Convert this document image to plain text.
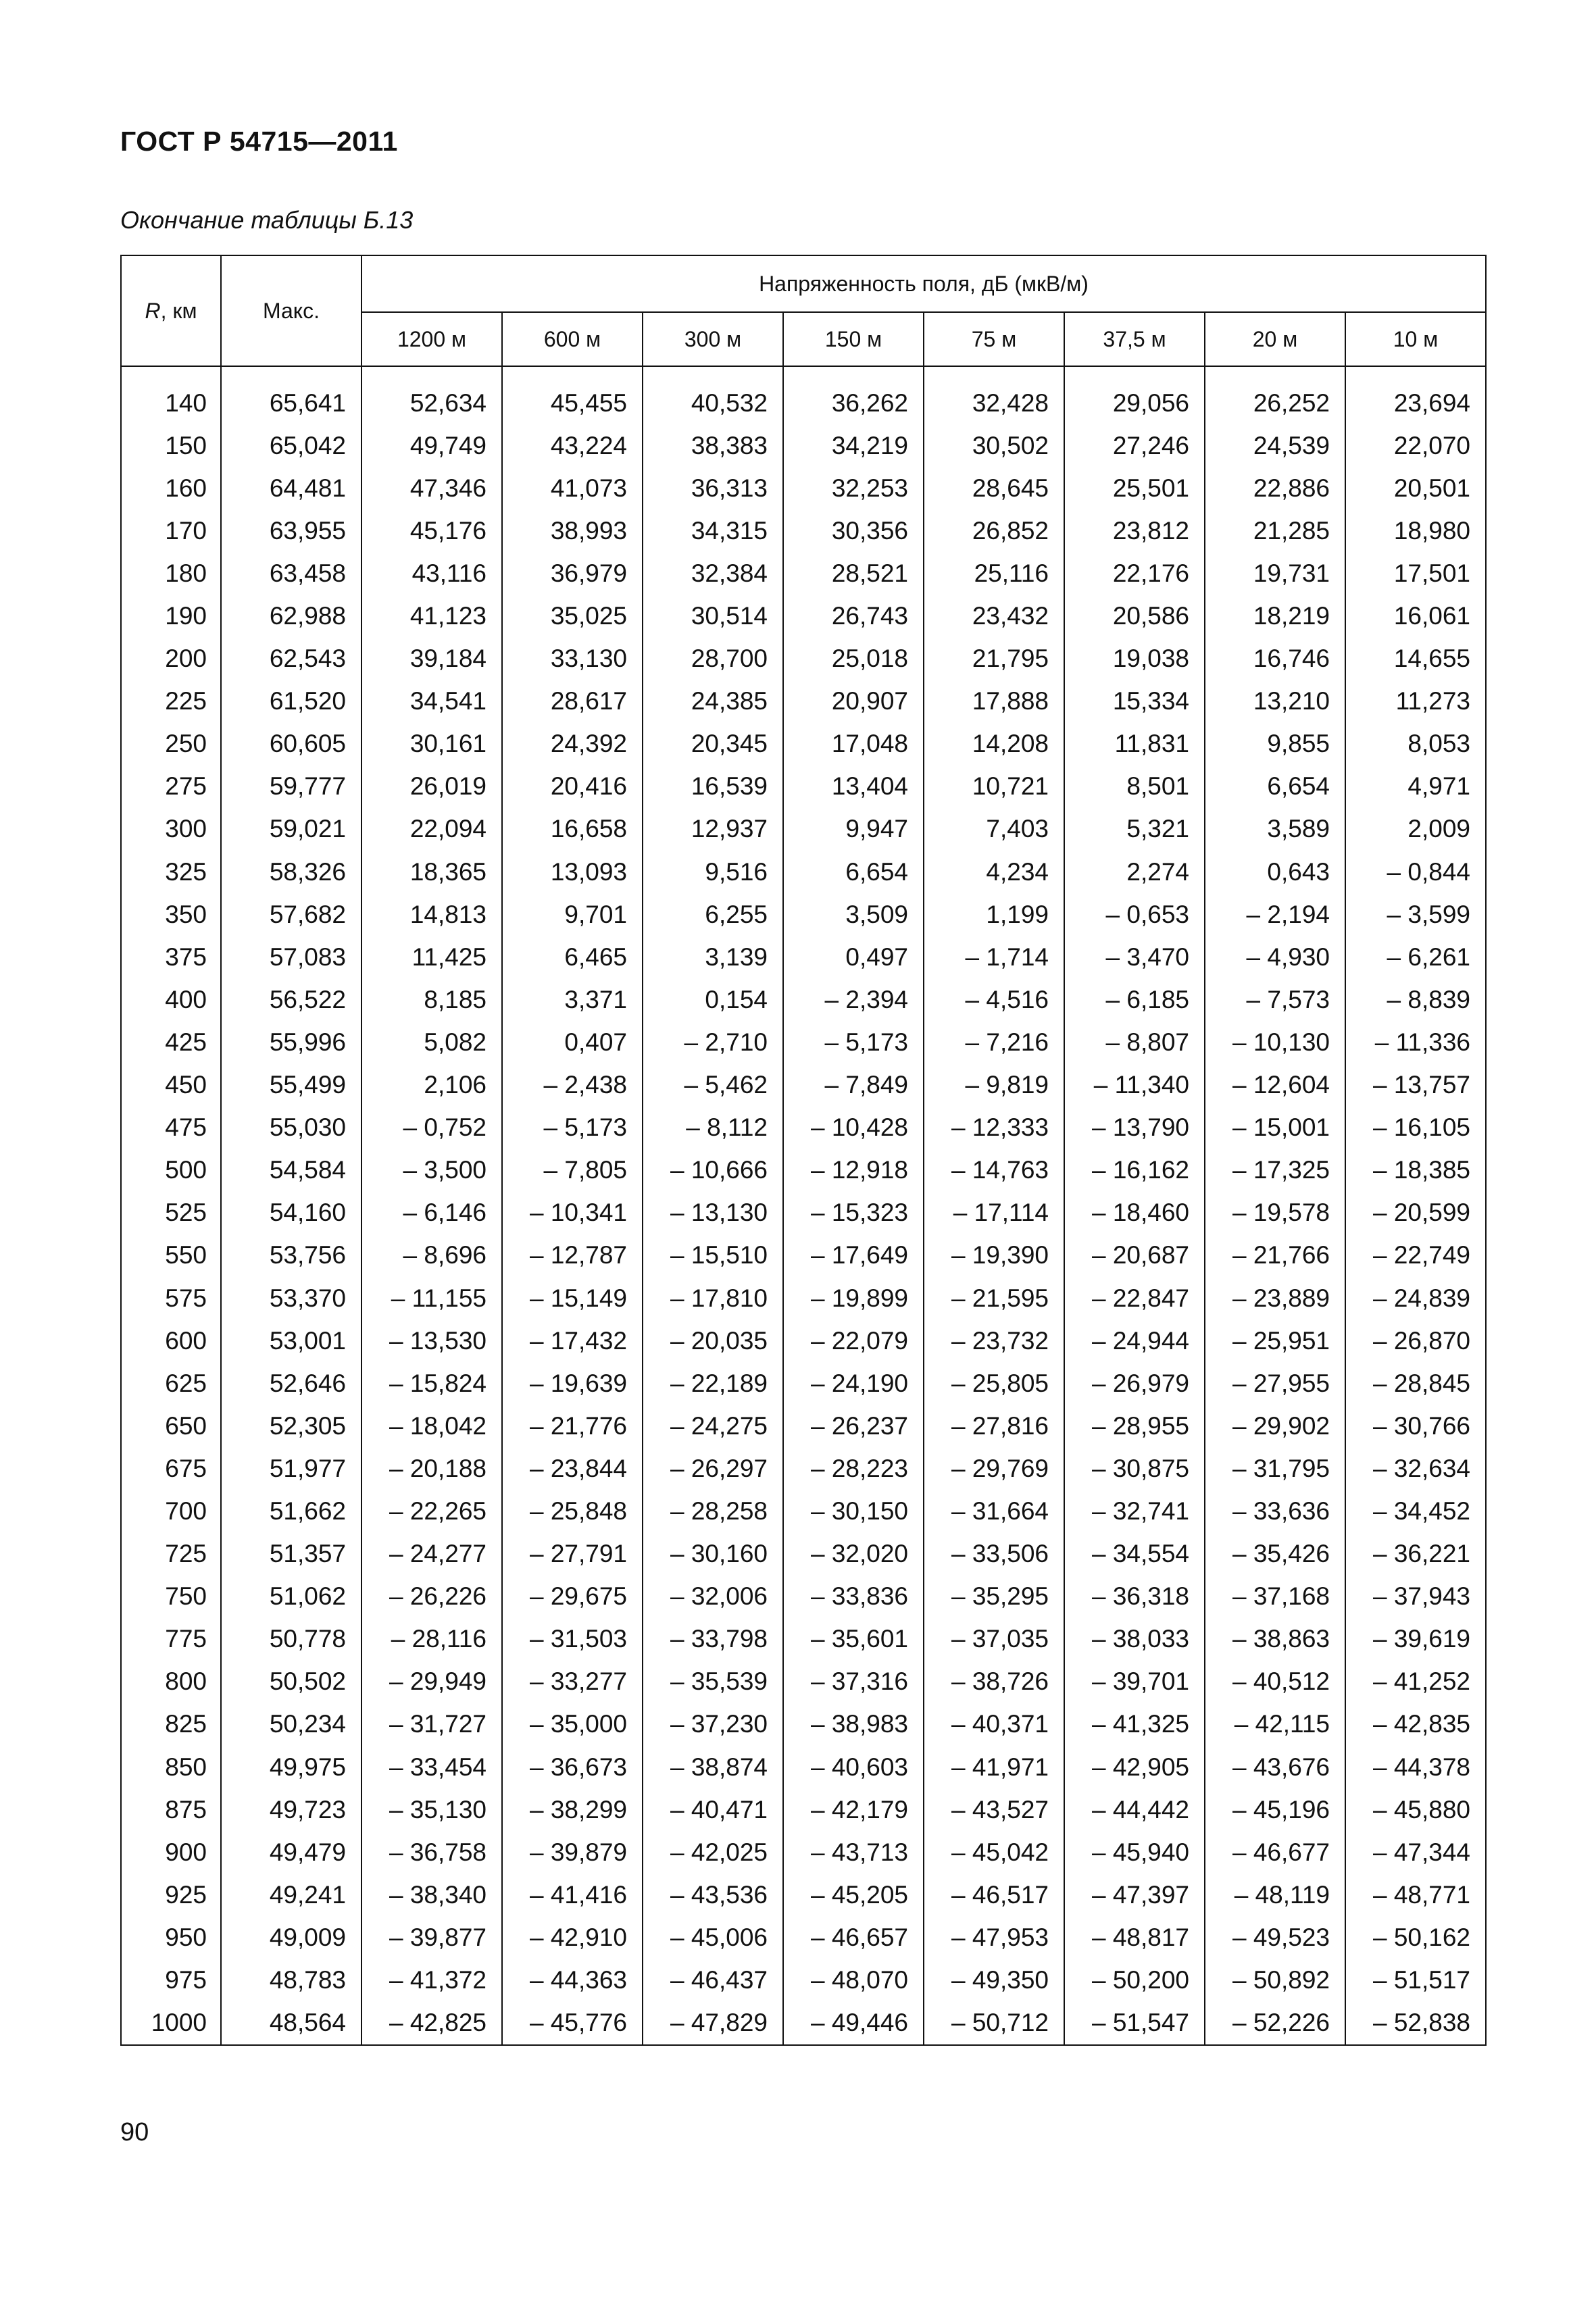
ГОСТ Р 54715—2011
Окончание таблицы Б.13
R, км	Макс.	Напряженность поля, дБ (мкВ/м)							
		1200 м	600 м	300 м	150 м	75 м	37,5 м	20 м	10 м

140	65,641	52,634	45,455	40,532	36,262	32,428	29,056	26,252	23,694
150	65,042	49,749	43,224	38,383	34,219	30,502	27,246	24,539	22,070
160	64,481	47,346	41,073	36,313	32,253	28,645	25,501	22,886	20,501
170	63,955	45,176	38,993	34,315	30,356	26,852	23,812	21,285	18,980
180	63,458	43,116	36,979	32,384	28,521	25,116	22,176	19,731	17,501
190	62,988	41,123	35,025	30,514	26,743	23,432	20,586	18,219	16,061
200	62,543	39,184	33,130	28,700	25,018	21,795	19,038	16,746	14,655
225	61,520	34,541	28,617	24,385	20,907	17,888	15,334	13,210	11,273
250	60,605	30,161	24,392	20,345	17,048	14,208	11,831	9,855	8,053
275	59,777	26,019	20,416	16,539	13,404	10,721	8,501	6,654	4,971
300	59,021	22,094	16,658	12,937	9,947	7,403	5,321	3,589	2,009
325	58,326	18,365	13,093	9,516	6,654	4,234	2,274	0,643	– 0,844
350	57,682	14,813	9,701	6,255	3,509	1,199	– 0,653	– 2,194	– 3,599
375	57,083	11,425	6,465	3,139	0,497	– 1,714	– 3,470	– 4,930	– 6,261
400	56,522	8,185	3,371	0,154	– 2,394	– 4,516	– 6,185	– 7,573	– 8,839
425	55,996	5,082	0,407	– 2,710	– 5,173	– 7,216	– 8,807	– 10,130	– 11,336
450	55,499	2,106	– 2,438	– 5,462	– 7,849	– 9,819	– 11,340	– 12,604	– 13,757
475	55,030	– 0,752	– 5,173	– 8,112	– 10,428	– 12,333	– 13,790	– 15,001	– 16,105
500	54,584	– 3,500	– 7,805	– 10,666	– 12,918	– 14,763	– 16,162	– 17,325	– 18,385
525	54,160	– 6,146	– 10,341	– 13,130	– 15,323	– 17,114	– 18,460	– 19,578	– 20,599
550	53,756	– 8,696	– 12,787	– 15,510	– 17,649	– 19,390	– 20,687	– 21,766	– 22,749
575	53,370	– 11,155	– 15,149	– 17,810	– 19,899	– 21,595	– 22,847	– 23,889	– 24,839
600	53,001	– 13,530	– 17,432	– 20,035	– 22,079	– 23,732	– 24,944	– 25,951	– 26,870
625	52,646	– 15,824	– 19,639	– 22,189	– 24,190	– 25,805	– 26,979	– 27,955	– 28,845
650	52,305	– 18,042	– 21,776	– 24,275	– 26,237	– 27,816	– 28,955	– 29,902	– 30,766
675	51,977	– 20,188	– 23,844	– 26,297	– 28,223	– 29,769	– 30,875	– 31,795	– 32,634
700	51,662	– 22,265	– 25,848	– 28,258	– 30,150	– 31,664	– 32,741	– 33,636	– 34,452
725	51,357	– 24,277	– 27,791	– 30,160	– 32,020	– 33,506	– 34,554	– 35,426	– 36,221
750	51,062	– 26,226	– 29,675	– 32,006	– 33,836	– 35,295	– 36,318	– 37,168	– 37,943
775	50,778	– 28,116	– 31,503	– 33,798	– 35,601	– 37,035	– 38,033	– 38,863	– 39,619
800	50,502	– 29,949	– 33,277	– 35,539	– 37,316	– 38,726	– 39,701	– 40,512	– 41,252
825	50,234	– 31,727	– 35,000	– 37,230	– 38,983	– 40,371	– 41,325	– 42,115	– 42,835
850	49,975	– 33,454	– 36,673	– 38,874	– 40,603	– 41,971	– 42,905	– 43,676	– 44,378
875	49,723	– 35,130	– 38,299	– 40,471	– 42,179	– 43,527	– 44,442	– 45,196	– 45,880
900	49,479	– 36,758	– 39,879	– 42,025	– 43,713	– 45,042	– 45,940	– 46,677	– 47,344
925	49,241	– 38,340	– 41,416	– 43,536	– 45,205	– 46,517	– 47,397	– 48,119	– 48,771
950	49,009	– 39,877	– 42,910	– 45,006	– 46,657	– 47,953	– 48,817	– 49,523	– 50,162
975	48,783	– 41,372	– 44,363	– 46,437	– 48,070	– 49,350	– 50,200	– 50,892	– 51,517
1000	48,564	– 42,825	– 45,776	– 47,829	– 49,446	– 50,712	– 51,547	– 52,226	– 52,838
90
